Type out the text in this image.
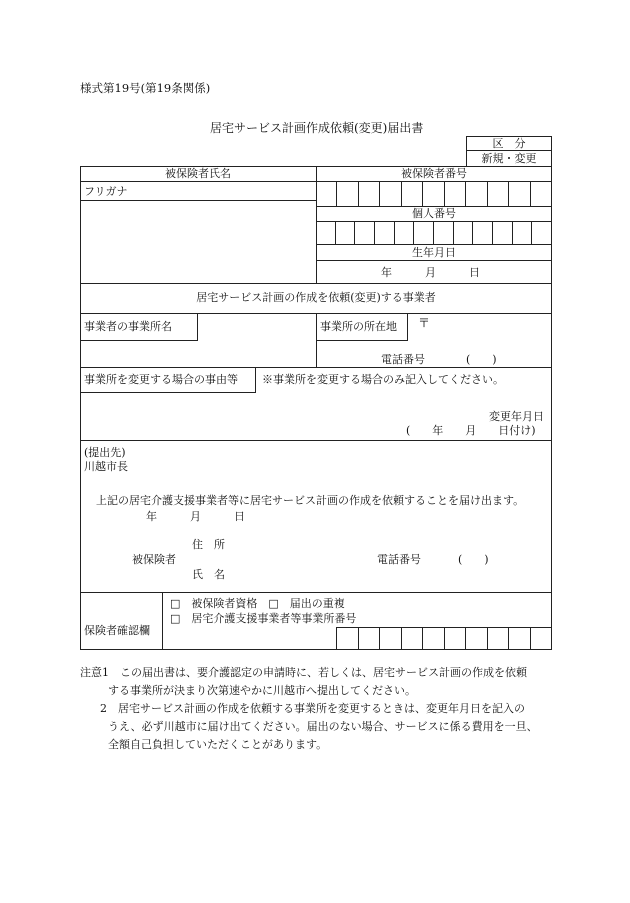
様式第19号(第19条関係)
居宅サービス計画作成依頼(変更)届出書
区　分
新規・変更
被保険者氏名	被保険者番号
フリガナ
個人番号
生年月日
年　　　月　　　日
居宅サービス計画の作成を依頼(変更)する事業者
事業者の事業所名	事業所の所在地 〒
電話番号	(　　)
事業所を変更する場合の事由等 ※事業所を変更する場合のみ記入してください。
変更年月日
(　　年　　月　　日付け)
(提出先)
川越市長
上記の居宅介護支援事業者等に居宅サービス計画の作成を依頼することを届け出ます。
年　　　月　　　日
住　所
被保険者
氏　名
電話番号	(　　)
保険者確認欄
□　被保険者資格　□　届出の重複
□　居宅介護支援事業者等事業所番号
注意1　この届出書は、要介護認定の申請時に、若しくは、居宅サービス計画の作成を依頼
する事業所が決まり次第速やかに川越市へ提出してください。
2　居宅サービス計画の作成を依頼する事業所を変更するときは、変更年月日を記入の
うえ、必ず川越市に届け出てください。届出のない場合、サービスに係る費用を一旦、
全額自己負担していただくことがあります。
